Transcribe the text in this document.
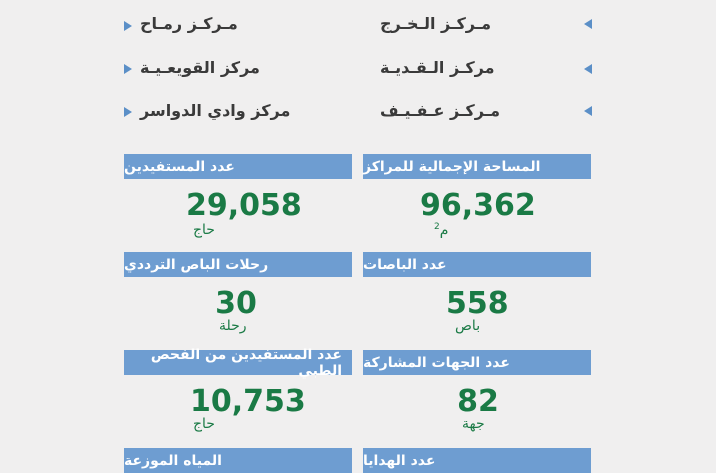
مـركـز الـخـرج
مركـز الـقـديـة
مـركـز عـفـيـف
مـركـز رمـاح
مركز القويعـيـة
مركز وادي الدواسر
المساحة الإجمالية للمراكز
96,362
م$^2$
عدد المستفيدين
29,058
حاج
عدد الباصات
558
باص
رحلات الباص الترددي
30
رحلة
عدد الجهات المشاركة
82
جهة
عدد المستفيدين من الفحص الطبي
10,753
حاج
عدد الهدايا
المياه الموزعة
